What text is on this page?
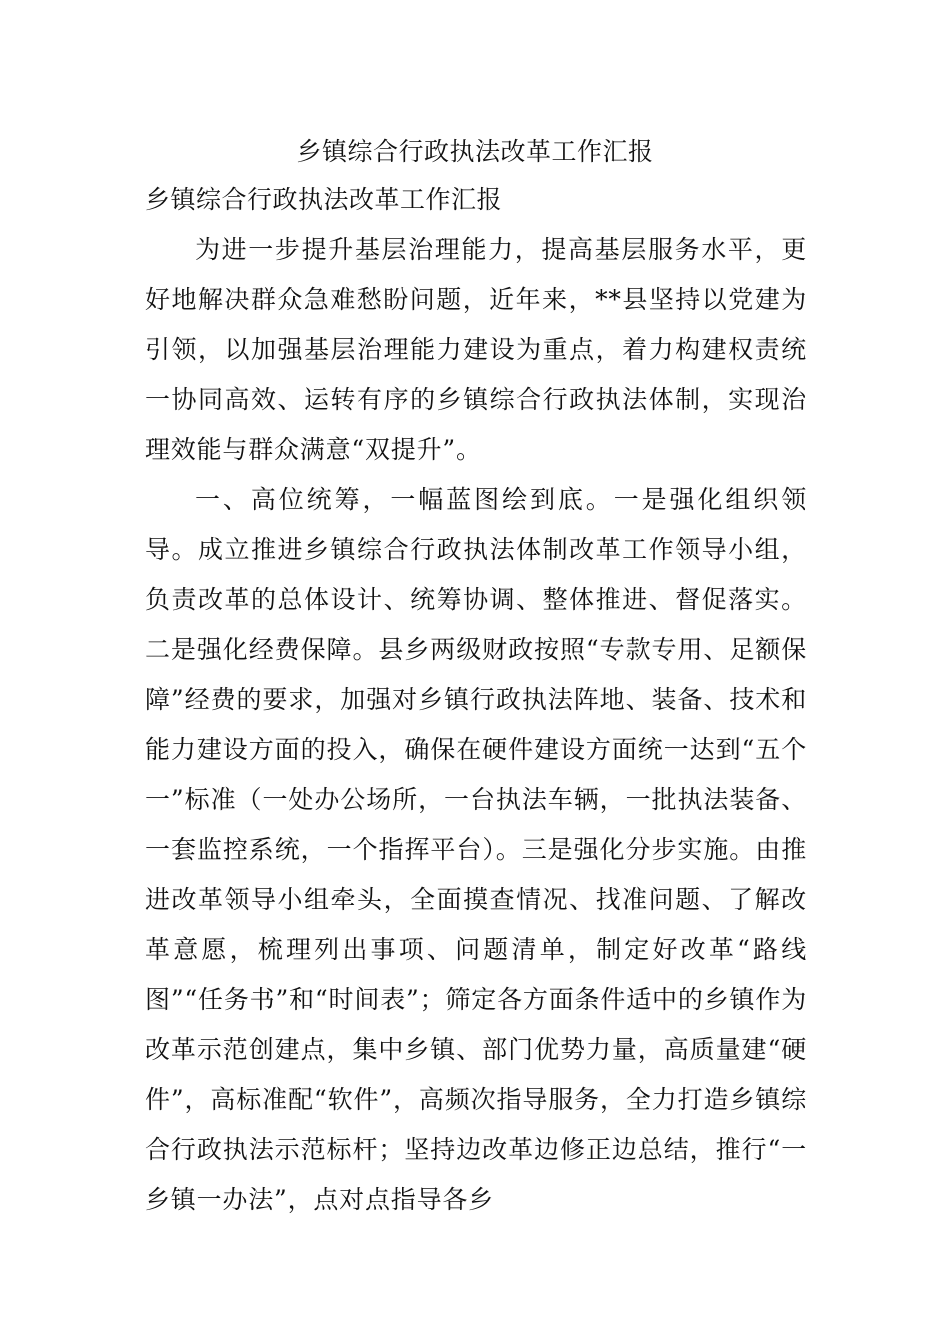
乡镇综合行政执法改革工作汇报

乡镇综合行政执法改革工作汇报

为进一步提升基层治理能力，提高基层服务水平，更好地解决群众急难愁盼问题，近年来，**县坚持以党建为引领，以加强基层治理能力建设为重点，着力构建权责统一协同高效、运转有序的乡镇综合行政执法体制，实现治理效能与群众满意“双提升”。

一、高位统筹，一幅蓝图绘到底。一是强化组织领导。成立推进乡镇综合行政执法体制改革工作领导小组，负责改革的总体设计、统筹协调、整体推进、督促落实。二是强化经费保障。县乡两级财政按照“专款专用、足额保障”经费的要求，加强对乡镇行政执法阵地、装备、技术和能力建设方面的投入，确保在硬件建设方面统一达到“五个一”标准（一处办公场所，一台执法车辆，一批执法装备、一套监控系统，一个指挥平台）。三是强化分步实施。由推进改革领导小组牵头，全面摸查情况、找准问题、了解改革意愿，梳理列出事项、问题清单，制定好改革“路线图”“任务书”和“时间表”；筛定各方面条件适中的乡镇作为改革示范创建点，集中乡镇、部门优势力量，高质量建“硬件”，高标准配“软件”，高频次指导服务，全力打造乡镇综合行政执法示范标杆；坚持边改革边修正边总结，推行“一乡镇一办法”，点对点指导各乡
